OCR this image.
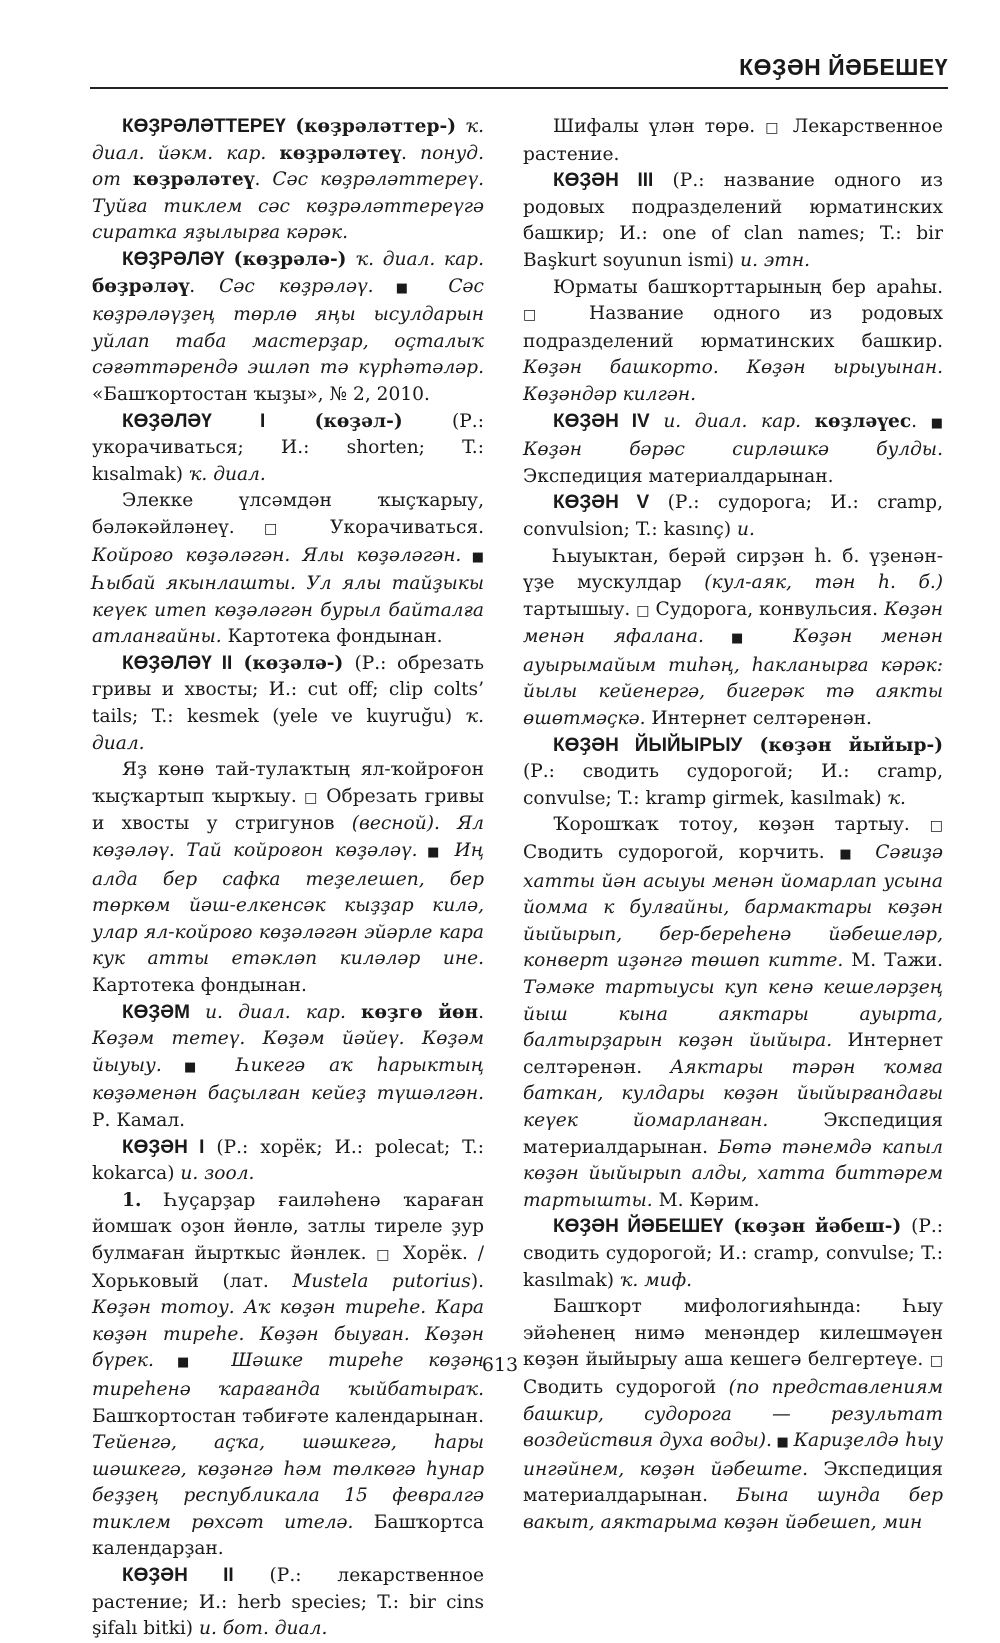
КӨҘӘН ЙӘБЕШЕҮ

КӨҘРӘЛӘТТЕРЕҮ (көҙрәләттер-) ҡ. диал. йәкм. кар. көҙрәләтеү. понуд. от көҙрәләтеү. Сәс көҙрәләттереү. Туйға тиклем сәс көҙрәләттереүгә сиратка яҙылырға кәрәк.

КӨҘРӘЛӘҮ (көҙрәлә-) ҡ. диал. кар. бөҙрәләү. Сәс көҙрәләү. ■ Сәс көҙрәләүҙең төрлө яңы ысулдарын уйлап таба мастерҙар, оҫталыҡ сәғәттәрендә эшләп тә күрһәтәләр. «Башҡортостан ҡыҙы», № 2, 2010.

КӨҘӘЛӘҮ I (көҙәл-) (Р.: укорачиваться; И.: shorten; T.: kısalmak) ҡ. диал.

Элекке үлсәмдән ҡыҫҡарыу, бәләкәйләнеү. □ Укорачиваться. Койроғо көҙәләгән. Ялы көҙәләгән. ■ Һыбай якынлашты. Ул ялы тайҙыкы кеүек итеп көҙәләгән бурыл байталға атланғайны. Картотека фондынан.

КӨҘӘЛӘҮ II (көҙәлә-) (Р.: обрезать гривы и хвосты; И.: cut off; clip colts’ tails; T.: kesmek (yele ve kuyruğu) ҡ. диал.

Яҙ көнө тай-тулаҡтың ял-ҡойроғон ҡыҫҡартып ҡырҡыу. □ Обрезать гривы и хвосты у стригунов (весной). Ял көҙәләү. Тай койроғон көҙәләү. ■ Иң алда бер сафка теҙелешеп, бер төркөм йәш-елкенсәк кыҙҙар килә, улар ял-койроғо көҙәләгән эйәрле кара кук атты етәкләп киләләр ине. Картотека фондынан.

КӨҘӘМ и. диал. кар. көҙгө йөн. Көҙәм тетеү. Көҙәм йәйеү. Көҙәм йыуыу. ■ Һикегә аҡ һарыктың көҙәменән баҫылған кейеҙ түшәлгән. Р. Камал.

КӨҘӘН I (Р.: хорёк; И.: polecat; T.: kokarca) и. зоол.

1. Һуҫарҙар ғаиләһенә ҡараған йомшаҡ оҙон йөнлө, затлы тиреле ҙур булмаған йырткыс йәнлек. □ Хорёк. / Хорьковый (лат. Mustela putorius). Көҙән тотоу. Аҡ көҙән тиреһе. Кара көҙән тиреһе. Көҙән быуған. Көҙән бүрек. ■ Шәшке тиреһе көҙән тиреһенә ҡарағанда ҡыйбатыраҡ. Башҡортостан тәбиғәте календарынан. Тейенгә, аҫҡа, шәшкегә, һары шәшкегә, көҙәнгә һәм төлкөгә һунар беҙҙең республикала 15 февралгә тиклем рөхсәт ителә. Башҡортса календарҙан.

КӨҘӘН II (Р.: лекарственное растение; И.: herb species; T.: bir cins şifalı bitki) и. бот. диал.

Шифалы үлән төрө. □ Лекарственное растение.

КӨҘӘН III (Р.: название одного из родовых подразделений юрматинских башкир; И.: one of clan names; T.: bir Başkurt soyunun ismi) и. этн.

Юрматы башҡорттарының бер араһы. □ Название одного из родовых подразделений юрматинских башкир. Көҙән башкорто. Көҙән ырыуынан. Көҙәндәр килгән.

КӨҘӘН IV и. диал. кар. көҙләүес. ■ Көҙән бәрәс сирләшкә булды. Экспедиция материалдарынан.

КӨҘӘН V (Р.: судорога; И.: cramp, convulsion; T.: kasınç) и.

Һыуыктан, берәй сирҙән һ. б. үҙенән-үҙе мускулдар (кул-аяк, тән һ. б.) тартышыу. □ Судорога, конвульсия. Көҙән менән яфалана. ■ Көҙән менән ауырымайым тиһәң, һакланырға кәрәк: йылы кейенергә, бигерәк тә аякты өшөтмәҫкә. Интернет селтәренән.

КӨҘӘН ЙЫЙЫРЫУ (көҙән йыйыр-) (Р.: сводить судорогой; И.: cramp, convulse; T.: kramp girmek, kasılmak) ҡ.

Ҡорошҡаҡ тотоу, көҙән тартыу. □ Сводить судорогой, корчить. ■ Сәғиҙә хатты йән асыуы менән йомарлап усына йомма к булғайны, бармактары көҙән йыйырып, бер-береһенә йәбешеләр, конверт иҙәнгә төшөп китте. М. Тажи. Тәмәке тартыусы куп кенә кешеләрҙең йыш кына аяктары ауырта, балтырҙарын көҙән йыйыра. Интернет селтәренән. Аяктары тәрән ҡомға баткан, кулдары көҙән йыйырғандағы кеүек йомарланған. Экспедиция материалдарынан. Бөтә тәнемдә капыл көҙән йыйырып алды, хатта биттәрем тартышты. М. Кәрим.

КӨҘӘН ЙӘБЕШЕҮ (көҙән йәбеш-) (Р.: сводить судорогой; И.: cramp, convulse; T.: kasılmak) ҡ. миф.

Башҡорт мифологияһында: Һыу эйәһенең нимә менәндер килешмәүен көҙән йыйырыу аша кешегә белгертеүе. □ Сводить судорогой (по представлениям башкир, судорога — результат воздействия духа воды). ■ Кариҙелдә һыу ингәйнем, көҙән йәбеште. Экспедиция материалдарынан. Бына шунда бер вакыт, аяктарыма көҙән йәбешеп, мин

613
